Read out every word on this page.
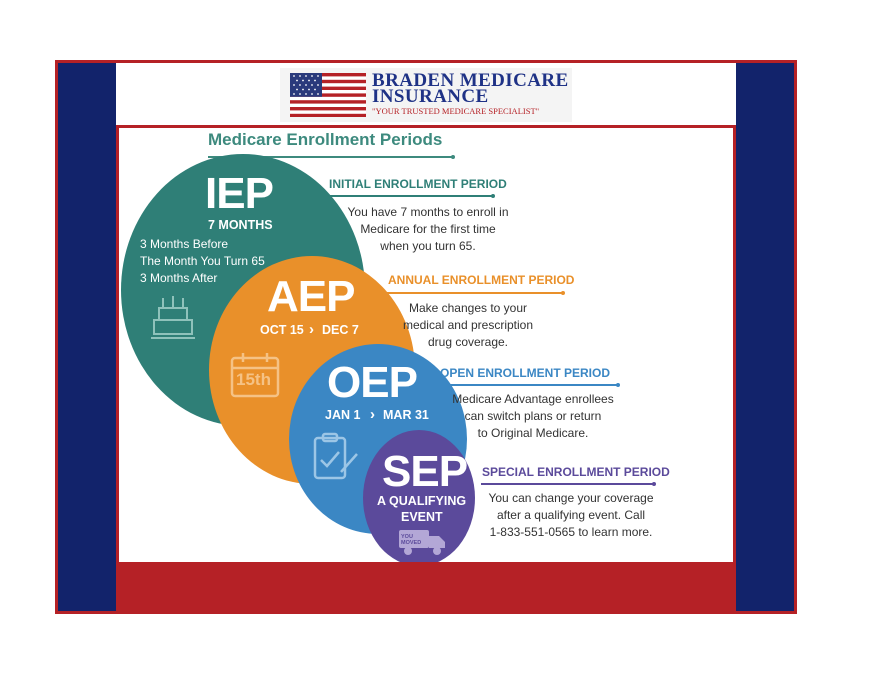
BRADEN MEDICARE
INSURANCE
"YOUR TRUSTED MEDICARE SPECIALIST"
Medicare Enrollment Periods
IEP
7 MONTHS
3 Months Before
The Month You Turn 65
3 Months After AEP
OCT 15 › DEC 7
15th OEP
JAN 1 › MAR 31
SEP
A QUALIFYING
EVENT
YOU MOVED
INITIAL ENROLLMENT PERIOD
You have 7 months to enroll in
Medicare for the first time
when you turn 65.
ANNUAL ENROLLMENT PERIOD
Make changes to your
medical and prescription
drug coverage.
OPEN ENROLLMENT PERIOD
Medicare Advantage enrollees
can switch plans or return
to Original Medicare.
SPECIAL ENROLLMENT PERIOD
You can change your coverage
after a qualifying event. Call
1-833-551-0565 to learn more.
